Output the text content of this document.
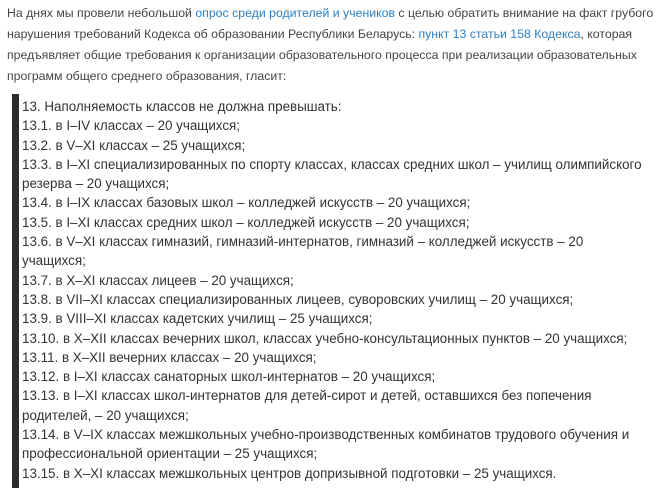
На днях мы провели небольшой опрос среди родителей и учеников с целью обратить внимание на факт грубого нарушения требований Кодекса об образовании Республики Беларусь: пункт 13 статьи 158 Кодекса, которая предъявляет общие требования к организации образовательного процесса при реализации образовательных программ общего среднего образования, гласит:
13. Наполняемость классов не должна превышать:
13.1. в I–IV классах – 20 учащихся;
13.2. в V–XI классах – 25 учащихся;
13.3. в I–XI специализированных по спорту классах, классах средних школ – училищ олимпийского
резерва – 20 учащихся;
13.4. в I–IX классах базовых школ – колледжей искусств – 20 учащихся;
13.5. в I–XI классах средних школ – колледжей искусств – 20 учащихся;
13.6. в V–XI классах гимназий, гимназий-интернатов, гимназий – колледжей искусств – 20
учащихся;
13.7. в X–XI классах лицеев – 20 учащихся;
13.8. в VII–XI классах специализированных лицеев, суворовских училищ – 20 учащихся;
13.9. в VIII–XI классах кадетских училищ – 25 учащихся;
13.10. в X–XII классах вечерних школ, классах учебно-консультационных пунктов – 20 учащихся;
13.11. в X–XII вечерних классах – 20 учащихся;
13.12. в I–XI классах санаторных школ-интернатов – 20 учащихся;
13.13. в I–XI классах школ-интернатов для детей-сирот и детей, оставшихся без попечения
родителей, – 20 учащихся;
13.14. в V–IX классах межшкольных учебно-производственных комбинатов трудового обучения и
профессиональной ориентации – 25 учащихся;
13.15. в X–XI классах межшкольных центров допризывной подготовки – 25 учащихся.
